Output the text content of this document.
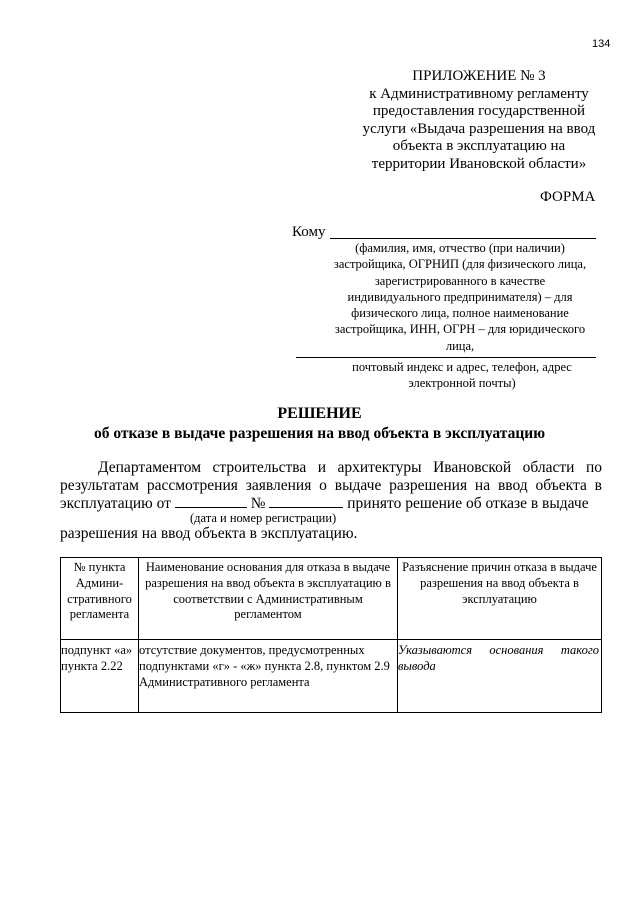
134
ПРИЛОЖЕНИЕ № 3
к Административному регламенту
предоставления государственной
услуги «Выдача разрешения на ввод
объекта в эксплуатацию на
территории Ивановской области»
ФОРМА
Кому
(фамилия, имя, отчество (при наличии)
застройщика, ОГРНИП (для физического лица,
зарегистрированного в качестве
индивидуального предпринимателя) – для
физического лица, полное наименование
застройщика, ИНН, ОГРН – для юридического
лица,
почтовый индекс и адрес, телефон, адрес
электронной почты)
РЕШЕНИЕ
об отказе в выдаче разрешения на ввод объекта в эксплуатацию
Департаментом строительства и архитектуры Ивановской области по
результатам рассмотрения заявления о выдаче разрешения на ввод объекта в
эксплуатацию от	№	принято решение об отказе в выдаче
(дата и номер регистрации)
разрешения на ввод объекта в эксплуатацию.
№ пункта Админи-стративного регламента	Наименование основания для отказа в выдаче разрешения на ввод объекта в эксплуатацию в соответствии с Административным регламентом	Разъяснение причин отказа в выдаче разрешения на ввод объекта в эксплуатацию
подпункт «а» пункта 2.22	отсутствие документов, предусмотренных подпунктами «г» - «ж» пункта 2.8, пунктом 2.9 Административного регламента	Указываются основания такого
вывода
